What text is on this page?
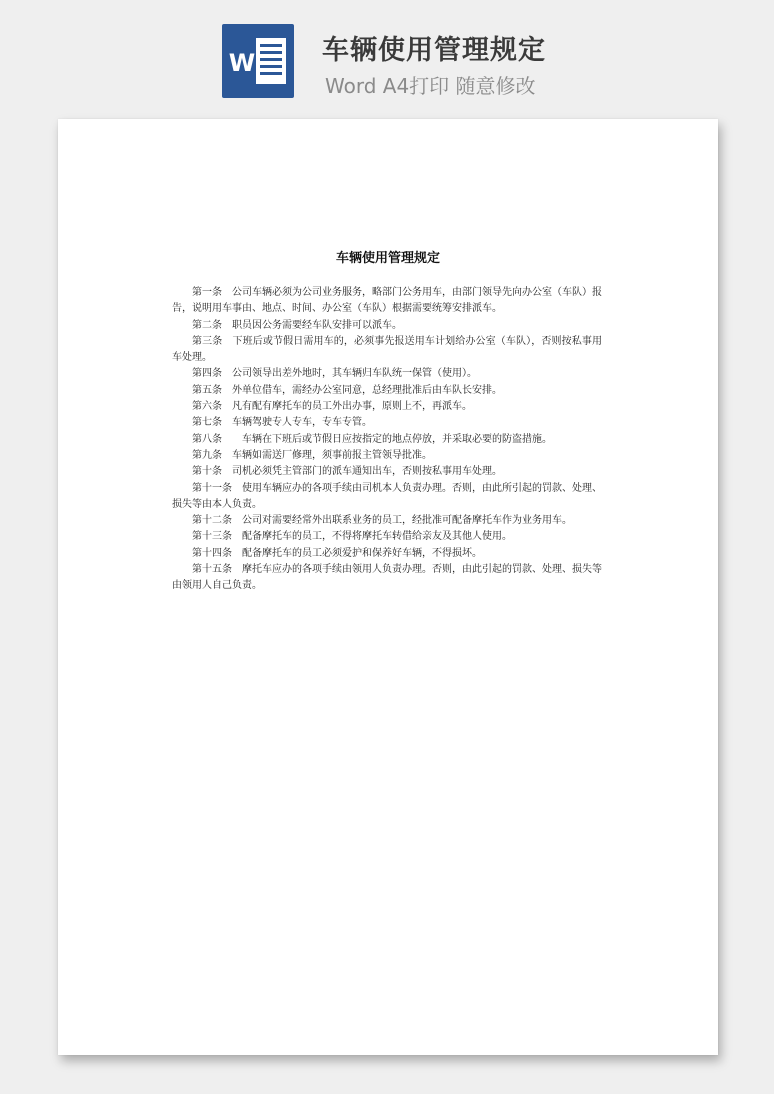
W 车辆使用管理规定
Word A4打印 随意修改
​
车辆使用管理规定

第一条　公司车辆必须为公司业务服务，略部门公务用车，由部门领导先向办公室（车队）报告，说明用车事由、地点、时间、办公室（车队）根据需要统筹安排派车。

第二条　职员因公务需要经车队安排可以派车。

第三条　下班后或节假日需用车的，必须事先报送用车计划给办公室（车队），否则按私事用车处理。

第四条　公司领导出差外地时，其车辆归车队统一保管（使用）。

第五条　外单位借车，需经办公室同意，总经理批准后由车队长安排。

第六条　凡有配有摩托车的员工外出办事，原则上不，再派车。

第七条　车辆驾驶专人专车，专车专管。

第八条　　车辆在下班后或节假日应按指定的地点停放，并采取必要的防盗措施。

第九条　车辆如需送厂修理，须事前报主管领导批准。

第十条　司机必须凭主管部门的派车通知出车，否则按私事用车处理。

第十一条　使用车辆应办的各项手续由司机本人负责办理。否则，由此所引起的罚款、处理、损失等由本人负责。

第十二条　公司对需要经常外出联系业务的员工，经批准可配备摩托车作为业务用车。

第十三条　配备摩托车的员工，不得将摩托车转借给亲友及其他人使用。

第十四条　配备摩托车的员工必须爱护和保养好车辆，不得损坏。

第十五条　摩托车应办的各项手续由领用人负责办理。否则，由此引起的罚款、处理、损失等由领用人自己负责。
